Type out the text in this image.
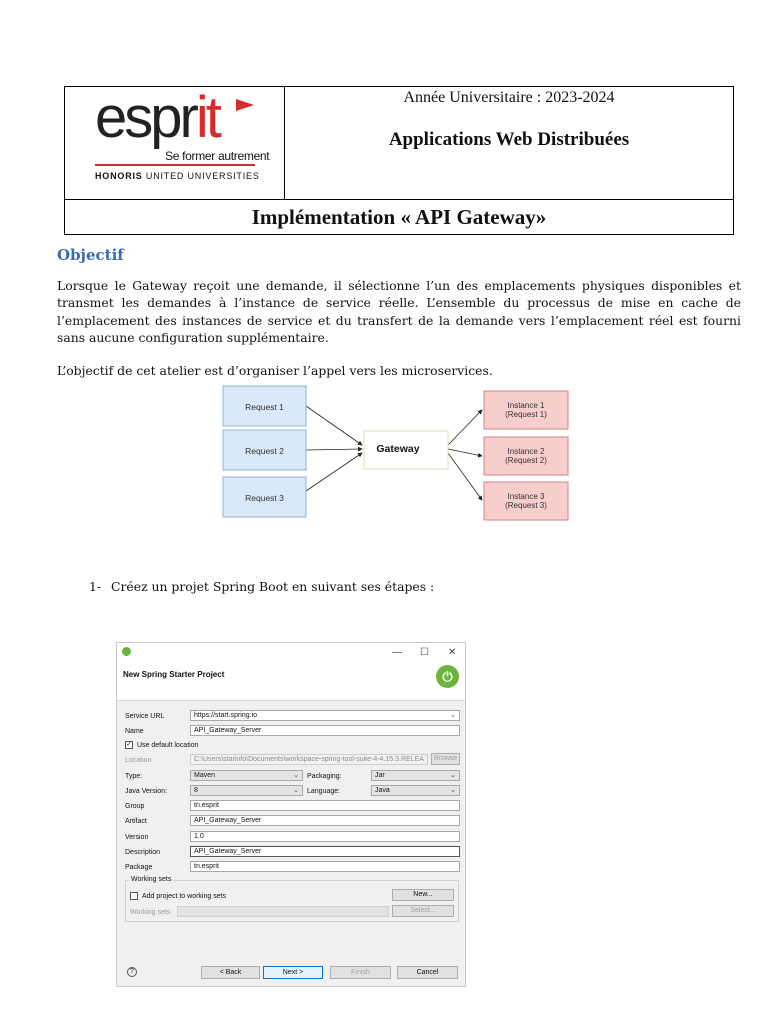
esprit
Se former autrement
HONORIS UNITED UNIVERSITIES
Année Universitaire : 2023-2024
Applications Web Distribuées
Implémentation « API Gateway»
Objectif

Lorsque le Gateway reçoit une demande, il sélectionne l’un des emplacements physiques disponibles et transmet les demandes à l’instance de service réelle. L’ensemble du processus de mise en cache de l’emplacement des instances de service et du transfert de la demande vers l’emplacement réel est fourni sans aucune configuration supplémentaire.

L’objectif de cet atelier est d’organiser l’appel vers les microservices.

Request 1
Request 2
Request 3
Gateway
Instance 1
(Request 1)
Instance 2
(Request 2)
Instance 3
(Request 3)
1- Créez un projet Spring Boot en suivant ses étapes :
— ☐ ✕
New Spring Starter Project	⏻
Service URL	https://start.spring.io	⌄
Name	API_Gateway_Server
✓ Use default location
Location	C:\Users\starinfo\Documents\workspace-spring-tool-suite-4-4.15.3.RELEA	Browse
Type:	Maven	⌄ Packaging:	Jar	⌄
Java Version:	8	⌄ Language:	Java	⌄
Group	tn.esprit
Artifact	API_Gateway_Server
Version	1.0
Description	API_Gateway_Server
Package	tn.esprit
Working sets
Add project to working sets	New...
Working sets	Select...
?	< Back	Next >	Finish	Cancel
